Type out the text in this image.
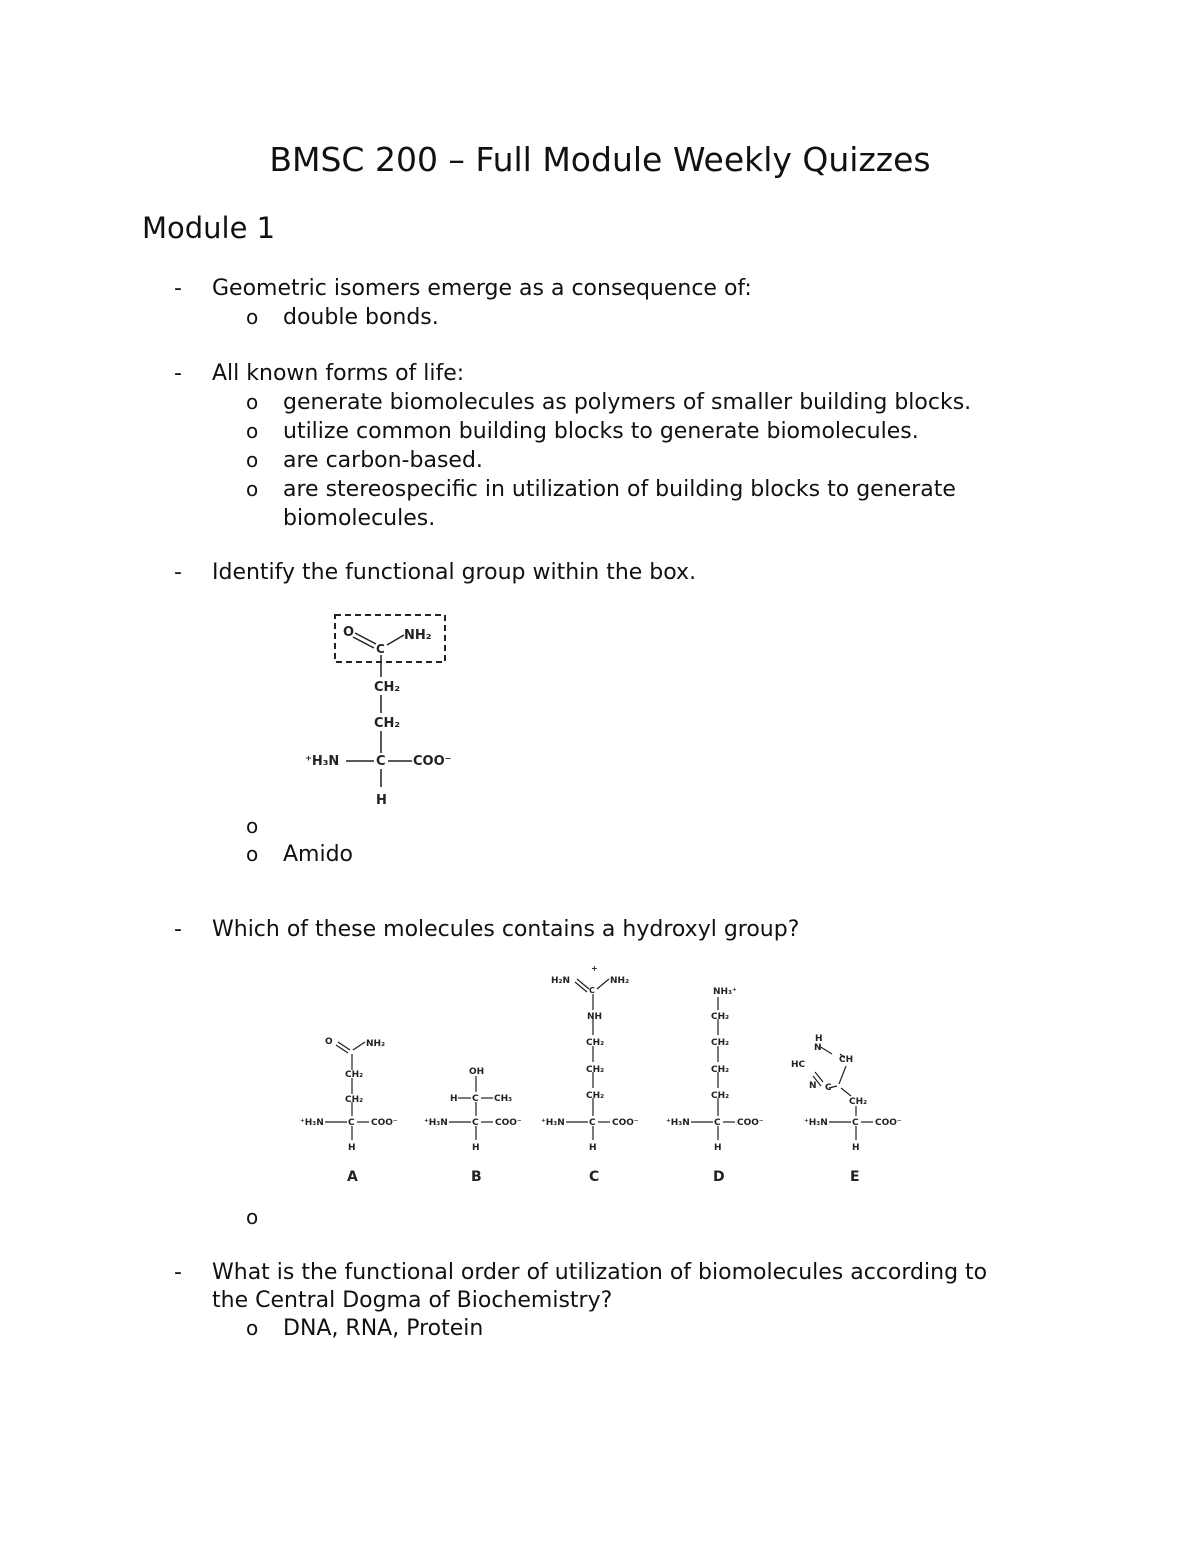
BMSC 200 – Full Module Weekly Quizzes
Module 1
- Geometric isomers emerge as a consequence of:
o double bonds.
- All known forms of life:
o generate biomolecules as polymers of smaller building blocks.
o utilize common building blocks to generate biomolecules.
o are carbon-based.
o are stereospecific in utilization of building blocks to generate
biomolecules.
- Identify the functional group within the box.
O	NH₂
C
CH₂
CH₂
⁺H₃N	C COO⁻
H
o
o Amido
- Which of these molecules contains a hydroxyl group?
O	NH₂
CH₂
CH₂
⁺H₃N	C COO⁻
H
A
OH
H C CH₃
⁺H₃N	C COO⁻
H
B
+
H₂N	NH₂
C
NH
CH₂
CH₂
CH₂
⁺H₃N	C COO⁻
H
C
NH₃⁺
CH₂
CH₂
CH₂
CH₂
⁺H₃N	C COO⁻
H
D
H
N
CH
HC
N C
CH₂
⁺H₃N	C COO⁻
H
E
o
- What is the functional order of utilization of biomolecules according to
the Central Dogma of Biochemistry?
o DNA, RNA, Protein
